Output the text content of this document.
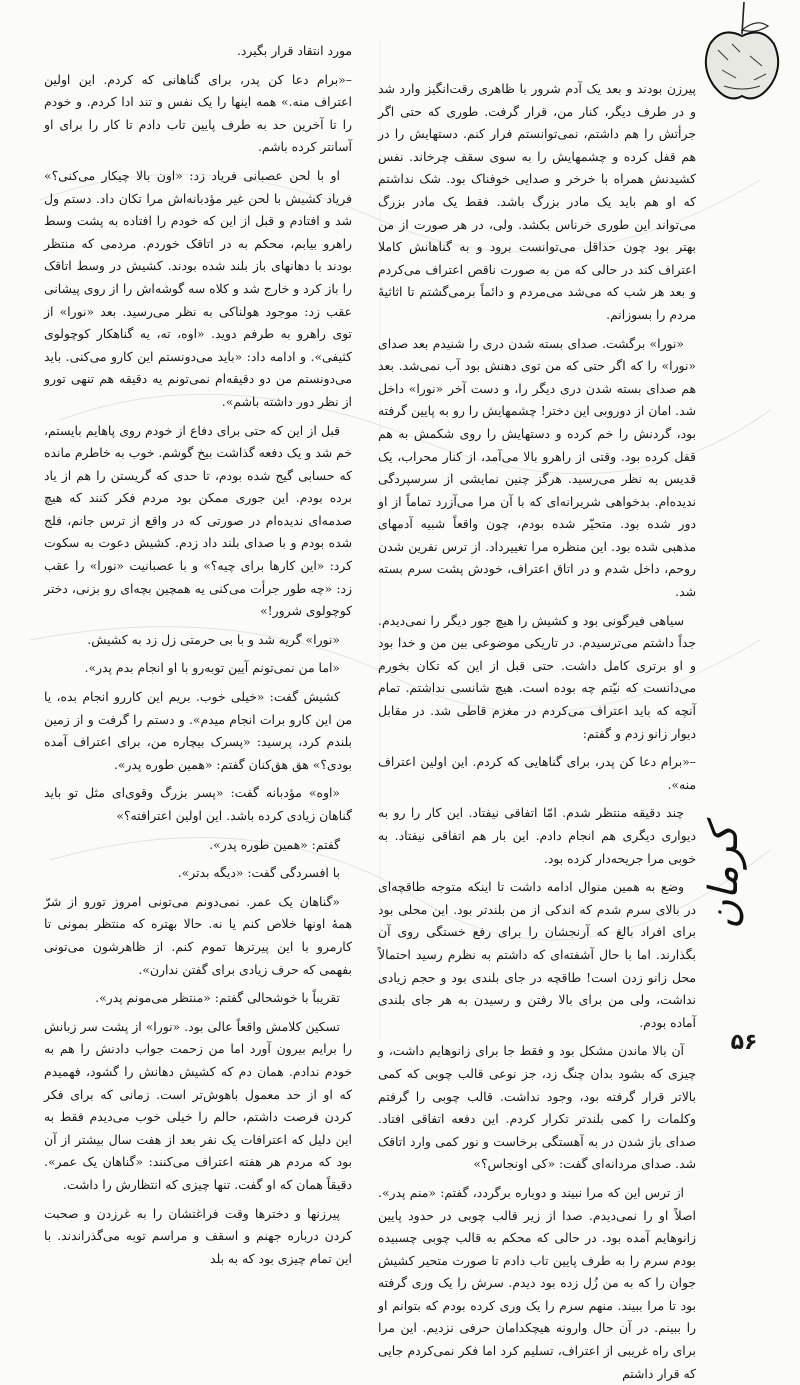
پیرزن بودند و بعد یک آدم شرور با ظاهری رقت‌انگیز وارد شد و در طرف دیگر، کنار من، قرار گرفت. طوری که حتی اگر جرأتش را هم داشتم، نمی‌توانستم فرار کنم. دستهایش را در هم قفل کرده و چشمهایش را به سوی سقف چرخاند. نفس کشیدنش همراه با خرخر و صدایی خوفناک بود. شک نداشتم که او هم باید یک مادر بزرگ باشد. فقط یک مادر بزرگ می‌تواند این طوری خرناس بکشد. ولی، در هر صورت از من بهتر بود چون حداقل می‌توانست برود و به گناهانش کاملا اعتراف کند در حالی که من به صورت ناقص اعتراف می‌کردم و بعد هر شب که می‌شد می‌مردم و دائماً برمی‌گشتم تا اثاثیهٔ مردم را بسوزانم.

«نورا» برگشت. صدای بسته شدن دری را شنیدم بعد صدای «نورا» را که اگر حتی که من توی دهنش بود آب نمی‌شد. بعد هم صدای بسته شدن دری دیگر را، و دست آخر «نورا» داخل شد. امان از دوروبی این دختر! چشمهایش را رو به پایین گرفته بود، گردنش را خم کرده و دستهایش را روی شکمش به هم قفل کرده بود. وقتی از راهرو بالا می‌آمد، از کنار محراب، یک قدیس به نظر می‌رسید. هرگز چنین نمایشی از سرسپردگی ندیده‌ام. بدخواهی شریرانه‌ای که با آن مرا می‌آزرد تماماً از او دور شده بود. متحیّر شده بودم، چون واقعاً شبیه آدمهای مذهبی شده بود. این منظره مرا تغییرداد. از ترس نفرین شدن روحم، داخل شدم و در اتاق اعتراف، خودش پشت سرم بسته شد.

سیاهی فیرگونی بود و کشیش را هیچ جور دیگر را نمی‌دیدم. جداً داشتم می‌ترسیدم. در تاریکی موضوعی بین من و خدا بود و او برتری کامل داشت. حتی قبل از این که تکان بخورم می‌دانست که نیّتم چه بوده است. هیچ شانسی نداشتم. تمام آنچه که باید اعتراف می‌کردم در مغزم قاطی شد. در مقابل دیوار زانو زدم و گفتم:

–«برام دعا کن پدر، برای گناهایی که کردم. این اولین اعتراف منه».

چند دقیقه منتظر شدم. امّا اتفاقی نیفتاد. این کار را رو به دیواری دیگری هم انجام دادم. این بار هم اتفاقی نیفتاد. به خوبی مرا جریحه‌دار کرده بود.

وضع به همین منوال ادامه داشت تا اینکه متوجه طاقچه‌ای در بالای سرم شدم که اندکی از من بلندتر بود. این محلی بود برای افراد بالغ که آرنجشان را برای رفع خستگی روی آن بگذارند. اما با حال آشفته‌ای که داشتم به نظرم رسید احتمالاً محل زانو زدن است! طاقچه در جای بلندی بود و حجم زیادی نداشت، ولی من برای بالا رفتن و رسیدن به هر جای بلندی آماده بودم.

آن بالا ماندن مشکل بود و فقط جا برای زانوهایم داشت، و چیزی که بشود بدان چنگ زد، جز نوعی قالب چوبی که کمی بالاتر قرار گرفته بود، وجود نداشت. قالب چوبی را گرفتم وکلمات را کمی بلندتر تکرار کردم. این دفعه اتفاقی افتاد. صدای باز شدن در به آهستگی برخاست و نور کمی وارد اتاقک شد. صدای مردانه‌ای گفت: «کی اونجاس؟»

از ترس این که مرا نبیند و دوباره برگردد، گفتم: «منم پدر». اصلاً او را نمی‌دیدم. صدا از زیر قالب چوبی در حدود پایین زانوهایم آمده بود. در حالی که محکم به قالب چوبی چسبیده بودم سرم را به طرف پایین تاب دادم تا صورت متحیر کشیش جوان را که به من زُل زده بود دیدم. سرش را یک وری گرفته بود تا مرا ببیند. منهم سرم را یک وری کرده بودم که بتوانم او را ببینم. در آن حال وارونه هیچکدامان حرفی نزدیم. این مرا برای راه غریبی از اعتراف، تسلیم کرد اما فکر نمی‌کردم جایی که قرار داشتم

مورد انتقاد قرار بگیرد.

–«برام دعا کن پدر، برای گناهانی که کردم. این اولین اعتراف منه.» همه اینها را یک نفس و تند ادا کردم. و خودم را تا آخرین حد به طرف پایین تاب دادم تا کار را برای او آسانتر کرده باشم.

او با لحن عصبانی فریاد زد: «اون بالا چیکار می‌کنی؟» فریاد کشیش با لحن غیر مؤدبانه‌اش مرا تکان داد. دستم ول شد و افتادم و قبل از این که خودم را افتاده به پشت وسط راهرو بیابم، محکم به در اتاقک خوردم. مردمی که منتظر بودند با دهانهای باز بلند شده بودند. کشیش در وسط اتاقک را باز کرد و خارج شد و کلاه سه گوشه‌اش را از روی پیشانی عقب زد: موجود هولناکی به نظر می‌رسید. بعد «نورا» از توی راهرو به طرفم دوید. «اوه، ته، یه گناهکار کوچولوی کثیفی». و ادامه داد: «باید می‌دونستم این کارو می‌کنی. باید می‌دونستم من دو دقیقه‌ام نمی‌تونم یه دقیقه هم تنهی تورو از نظر دور داشته باشم».

قبل از این که حتی برای دفاع از خودم روی پاهایم بایستم، خم شد و یک دفعه گذاشت بیخ گوشم. خوب به خاطرم مانده که حسابی گیج شده بودم، تا حدی که گریستن را هم از یاد برده بودم. این جوری ممکن بود مردم فکر کنند که هیچ صدمه‌ای ندیده‌ام در صورتی که در واقع از ترس جانم، فلج شده بودم و با صدای بلند داد زدم. کشیش دعوت به سکوت کرد: «این کارها برای چیه؟» و با عصبانیت «نورا» را عقب زد: «چه طور جرأت می‌کنی یه همچین بچه‌ای رو بزنی، دختر کوچولوی شرور!»

«نورا» گریه شد و با بی حرمتی زل زد به کشیش.

«اما من نمی‌تونم آیین توبه‌رو با او انجام بدم پدر».

کشیش گفت: «خیلی خوب. بریم این کاررو انجام بده، یا من این کارو برات انجام میدم». و دستم را گرفت و از زمین بلندم کرد، پرسید: «پسرک بیچاره من، برای اعتراف آمده بودی؟» هق هق‌کنان گفتم: «همین طوره پدر».

«اوه» مؤدبانه گفت: «پسر بزرگ وقوی‌ای مثل تو باید گناهان زیادی کرده باشد. این اولین اعترافته؟»

گفتم: «همین طوره پدر».

با افسردگی گفت: «دیگه بدتر».

«گناهان یک عمر. نمی‌دونم می‌تونی امروز تورو از شرّ همهٔ اونها خلاص کنم یا نه. حالا بهتره که منتظر بمونی تا کارمرو با این پیرترها تموم کنم. از ظاهرشون می‌تونی بفهمی که حرف زیادی برای گفتن ندارن».

تقریباً با خوشحالی گفتم: «منتظر می‌مونم پدر».

تسکین کلامش واقعاً عالی بود. «نورا» از پشت سر زبانش را برایم بیرون آورد اما من زحمت جواب دادنش را هم به خودم ندادم. همان دم که کشیش دهانش را گشود، فهمیدم که او از حد معمول باهوش‌تر است. زمانی که برای فکر کردن فرصت داشتم، حالم را خیلی خوب می‌دیدم فقط به این دلیل که اعترافات یک نفر بعد از هفت سال بیشتر از آن بود که مردم هر هفته اعتراف می‌کنند: «گناهان یک عمر». دقیقاً همان که او گفت. تنها چیزی که انتظارش را داشت.

پیرزنها و دخترها وقت فراغتشان را به غرزدن و صحبت کردن درباره جهنم و اسقف و مراسم توبه می‌گذراندند. با این تمام چیزی بود که به بلد

کرمان
۵۶
